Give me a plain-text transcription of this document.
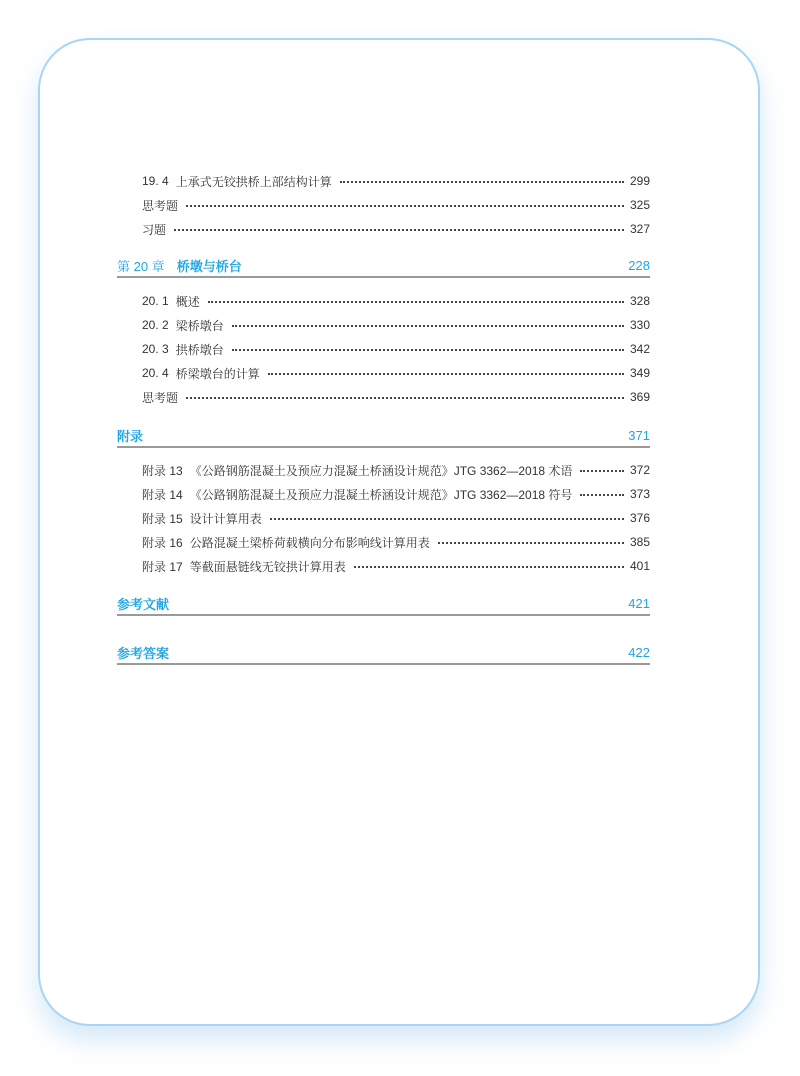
19. 4 上承式无铰拱桥上部结构计算	299
思考题	325
习题	327
第 20 章 桥墩与桥台	228
20. 1 概述	328
20. 2 梁桥墩台	330
20. 3 拱桥墩台	342
20. 4 桥梁墩台的计算	349
思考题	369
附录	371
附录 13 《公路钢筋混凝土及预应力混凝土桥涵设计规范》JTG 3362—2018 术语	372
附录 14 《公路钢筋混凝土及预应力混凝土桥涵设计规范》JTG 3362—2018 符号	373
附录 15 设计计算用表	376
附录 16 公路混凝土梁桥荷载横向分布影响线计算用表	385
附录 17 等截面悬链线无铰拱计算用表	401
参考文献	421
参考答案	422
